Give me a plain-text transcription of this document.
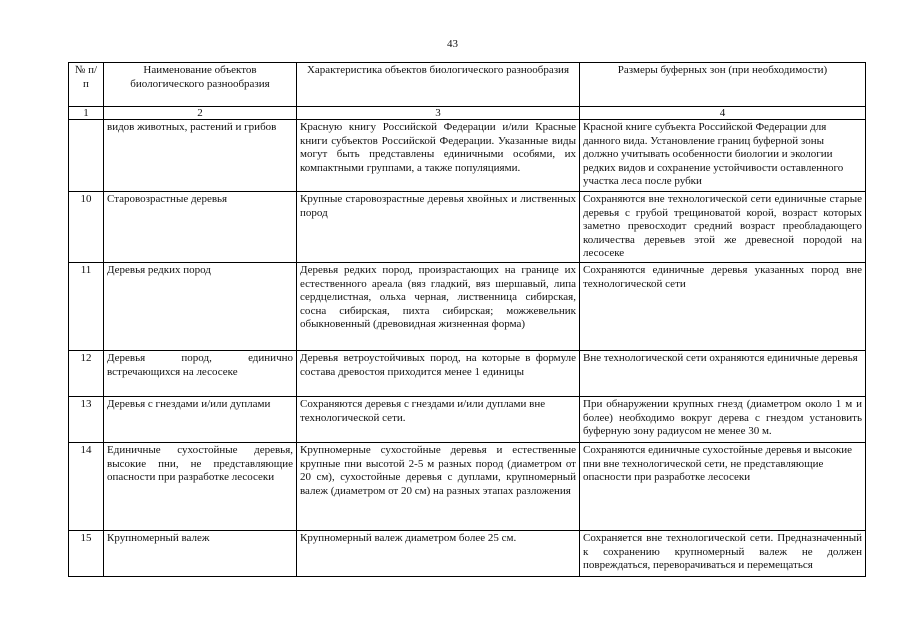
43
№ п/п	Наименование объектов биологического разнообразия	Характеристика объектов биологического разнообразия	Размеры буферных зон (при необходимости)
1	2	3	4
	видов животных, растений и грибов	Красную книгу Российской Федерации и/или Красные книги субъектов Российской Федерации. Указанные виды могут быть представлены единичными особями, их компактными группами, а также популяциями.	Красной книге субъекта Российской Федерации для данного вида. Установление границ буферной зоны должно учитывать особенности биологии и экологии редких видов и сохранение устойчивости оставленного участка леса после рубки
10	Старовозрастные деревья	Крупные старовозрастные деревья хвойных и лиственных пород	Сохраняются вне технологической сети единичные старые деревья с грубой трещиноватой корой, возраст которых заметно превосходит средний возраст преобладающего количества деревьев этой же древесной породой на лесосеке
11	Деревья редких пород	Деревья редких пород, произрастающих на границе их естественного ареала (вяз гладкий, вяз шершавый, липа сердцелистная, ольха черная, лиственница сибирская, сосна сибирская, пихта сибирская; можжевельник обыкновенный (древовидная жизненная форма)	Сохраняются единичные деревья указанных пород вне технологической сети
12	Деревья пород, единично встречающихся на лесосеке	Деревья ветроустойчивых пород, на которые в формуле состава древостоя приходится менее 1 единицы	Вне технологической сети охраняются единичные деревья
13	Деревья с гнездами и/или дуплами	Сохраняются деревья с гнездами и/или дуплами вне технологической сети.	При обнаружении крупных гнезд (диаметром около 1 м и более) необходимо вокруг дерева с гнездом установить буферную зону радиусом не менее 30 м.
14	Единичные сухостойные деревья, высокие пни, не представляющие опасности при разработке лесосеки	Крупномерные сухостойные деревья и естественные крупные пни высотой 2-5 м разных пород (диаметром от 20 см), сухостойные деревья с дуплами, крупномерный валеж (диаметром от 20 см) на разных этапах разложения	Сохраняются единичные сухостойные деревья и высокие пни вне технологической сети, не представляющие опасности при разработке лесосеки
15	Крупномерный валеж	Крупномерный валеж диаметром более 25 см.	Сохраняется вне технологической сети. Предназначенный к сохранению крупномерный валеж не должен повреждаться, переворачиваться и перемещаться
